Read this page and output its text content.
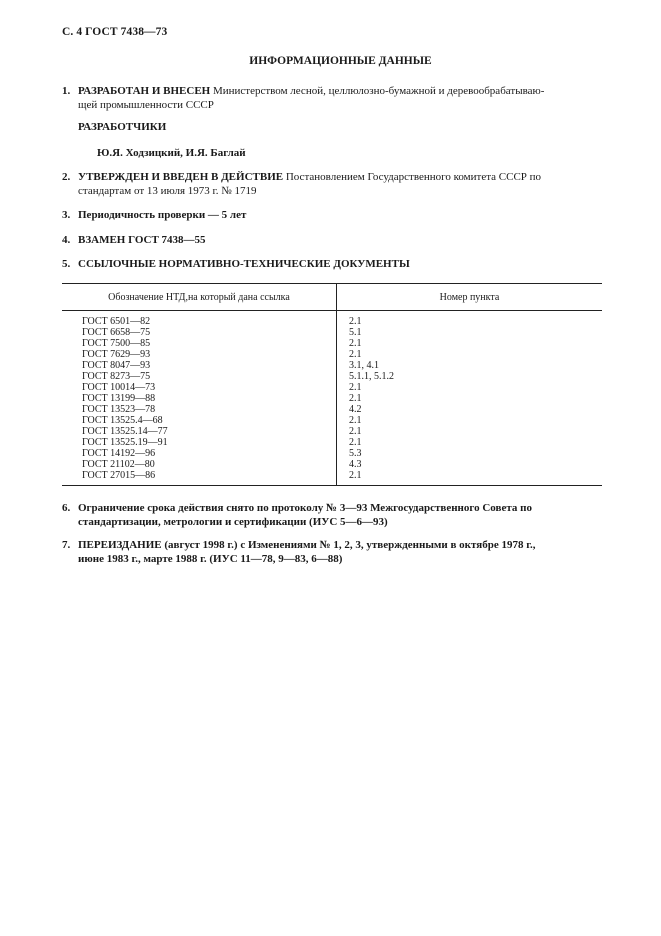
С. 4 ГОСТ 7438—73
ИНФОРМАЦИОННЫЕ ДАННЫЕ
1. РАЗРАБОТАН И ВНЕСЕН Министерством лесной, целлюлозно-бумажной и деревообрабатываю-
щей промышленности СССР
РАЗРАБОТЧИКИ
Ю.Я. Ходзицкий, И.Я. Баглай
2. УТВЕРЖДЕН И ВВЕДЕН В ДЕЙСТВИЕ Постановлением Государственного комитета СССР по
стандартам от 13 июля 1973 г. № 1719
3. Периодичность проверки — 5 лет
4. ВЗАМЕН ГОСТ 7438—55
5. ССЫЛОЧНЫЕ НОРМАТИВНО-ТЕХНИЧЕСКИЕ ДОКУМЕНТЫ
Обозначение НТД,на который дана ссылка	Номер пункта
ГОСТ 6501—82	2.1
ГОСТ 6658—75	5.1
ГОСТ 7500—85	2.1
ГОСТ 7629—93	2.1
ГОСТ 8047—93	3.1, 4.1
ГОСТ 8273—75	5.1.1, 5.1.2
ГОСТ 10014—73	2.1
ГОСТ 13199—88	2.1
ГОСТ 13523—78	4.2
ГОСТ 13525.4—68	2.1
ГОСТ 13525.14—77	2.1
ГОСТ 13525.19—91	2.1
ГОСТ 14192—96	5.3
ГОСТ 21102—80	4.3
ГОСТ 27015—86	2.1

6. Ограничение срока действия снято по протоколу № 3—93 Межгосударственного Совета по
стандартизации, метрологии и сертификации (ИУС 5—6—93)
7. ПЕРЕИЗДАНИЕ (август 1998 г.) с Изменениями № 1, 2, 3, утвержденными в октябре 1978 г.,
июне 1983 г., марте 1988 г. (ИУС 11—78, 9—83, 6—88)
